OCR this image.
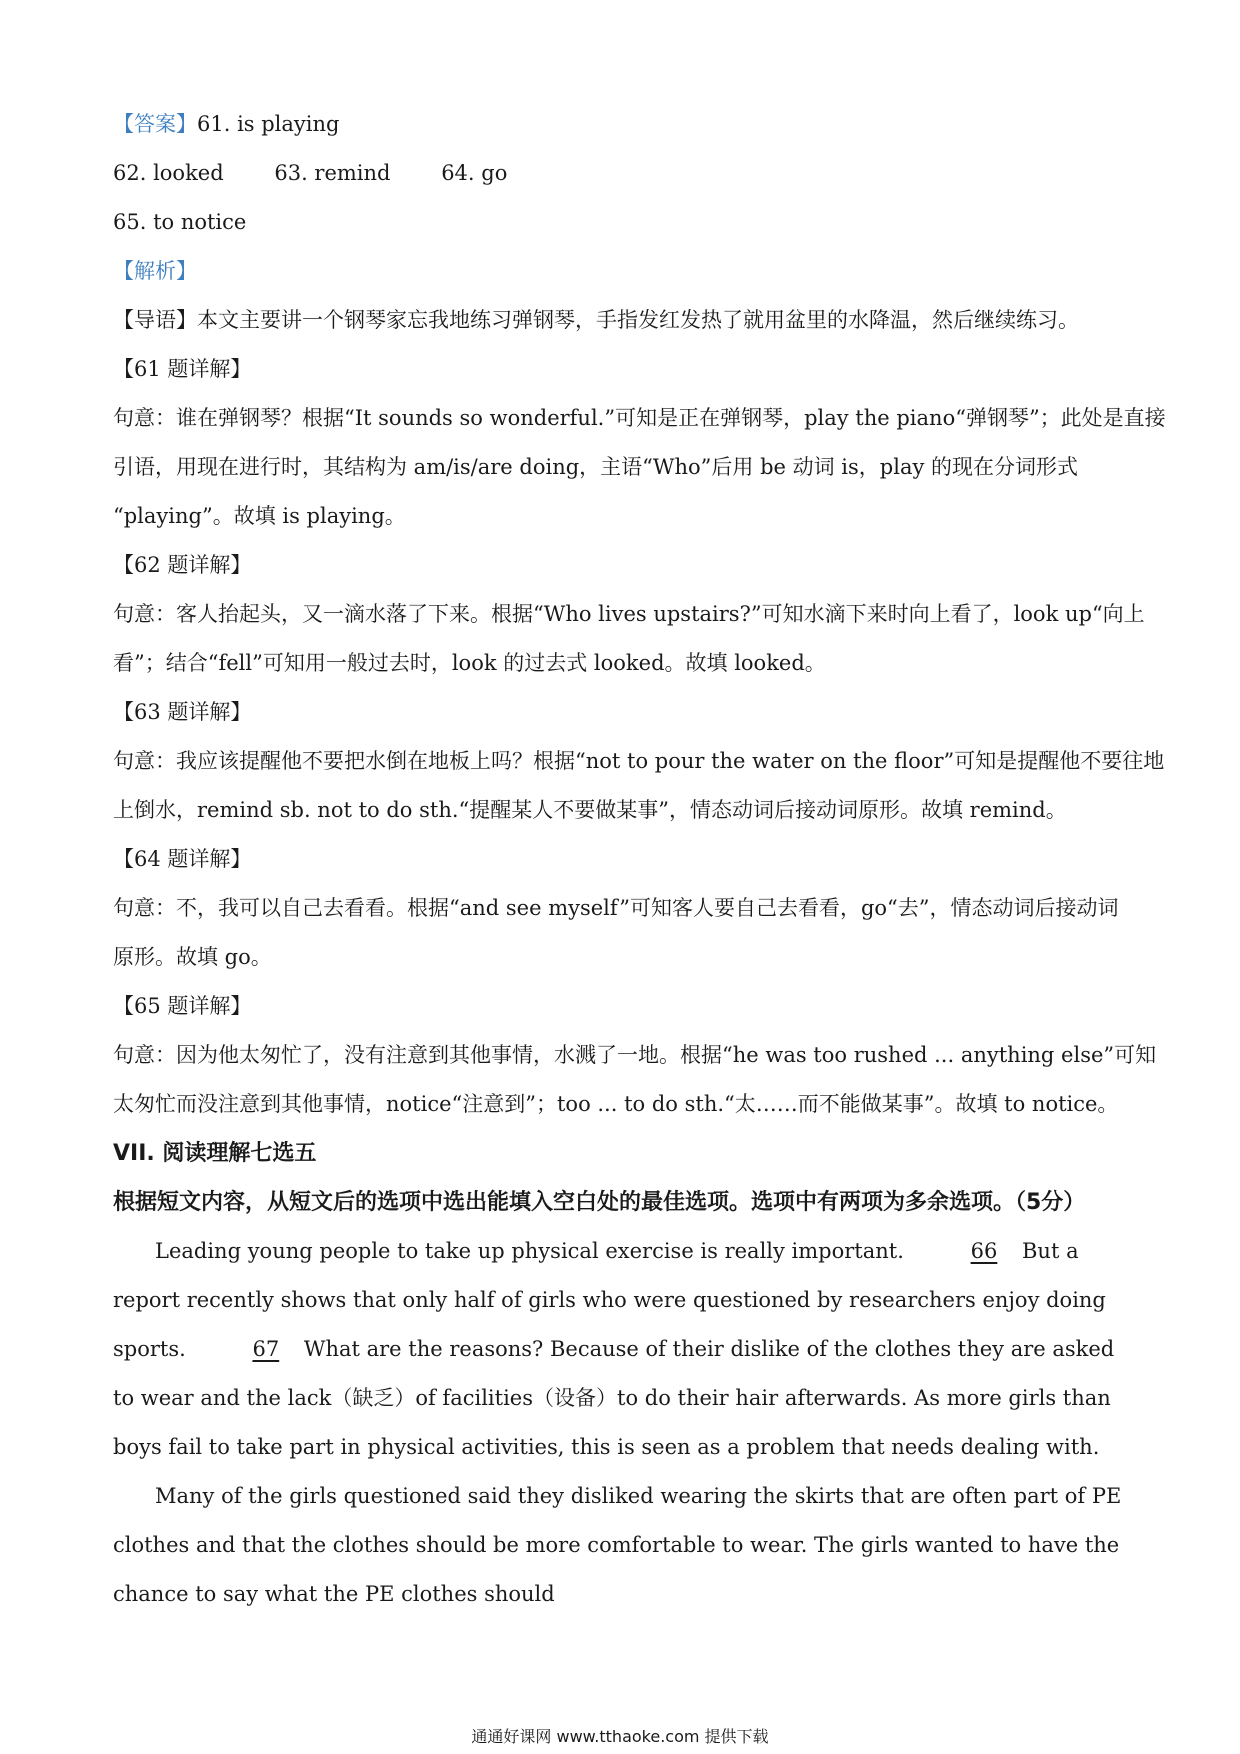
【答案】61. is playing
62. looked 63. remind 64. go
65. to notice
【解析】
【导语】本文主要讲一个钢琴家忘我地练习弹钢琴，手指发红发热了就用盆里的水降温，然后继续练习。
【61 题详解】
句意：谁在弹钢琴？根据“It sounds so wonderful.”可知是正在弹钢琴，play the piano“弹钢琴”；此处是直接
引语，用现在进行时，其结构为 am/is/are doing，主语“Who”后用 be 动词 is，play 的现在分词形式
“playing”。故填 is playing。
【62 题详解】
句意：客人抬起头，又一滴水落了下来。根据“Who lives upstairs?”可知水滴下来时向上看了，look up“向上
看”；结合“fell”可知用一般过去时，look 的过去式 looked。故填 looked。
【63 题详解】
句意：我应该提醒他不要把水倒在地板上吗？根据“not to pour the water on the floor”可知是提醒他不要往地
上倒水，remind sb. not to do sth.“提醒某人不要做某事”，情态动词后接动词原形。故填 remind。
【64 题详解】
句意：不，我可以自己去看看。根据“and see myself”可知客人要自己去看看，go“去”，情态动词后接动词
原形。故填 go。
【65 题详解】
句意：因为他太匆忙了，没有注意到其他事情，水溅了一地。根据“he was too rushed ... anything else”可知
太匆忙而没注意到其他事情，notice“注意到”；too ... to do sth.“太……而不能做某事”。故填 to notice。
VII. 阅读理解七选五
根据短文内容，从短文后的选项中选出能填入空白处的最佳选项。选项中有两项为多余选项。（5分）
Leading young people to take up physical exercise is really important.	66 But a report recently shows that only half of girls who were questioned by researchers enjoy doing sports.	67 What are the reasons? Because of their dislike of the clothes they are asked to wear and the lack（缺乏）of facilities（设备）to do their hair afterwards. As more girls than boys fail to take part in physical activities, this is seen as a problem that needs dealing with.
Many of the girls questioned said they disliked wearing the skirts that are often part of PE clothes and that the clothes should be more comfortable to wear. The girls wanted to have the chance to say what the PE clothes should
通通好课网 www.tthaoke.com 提供下载
